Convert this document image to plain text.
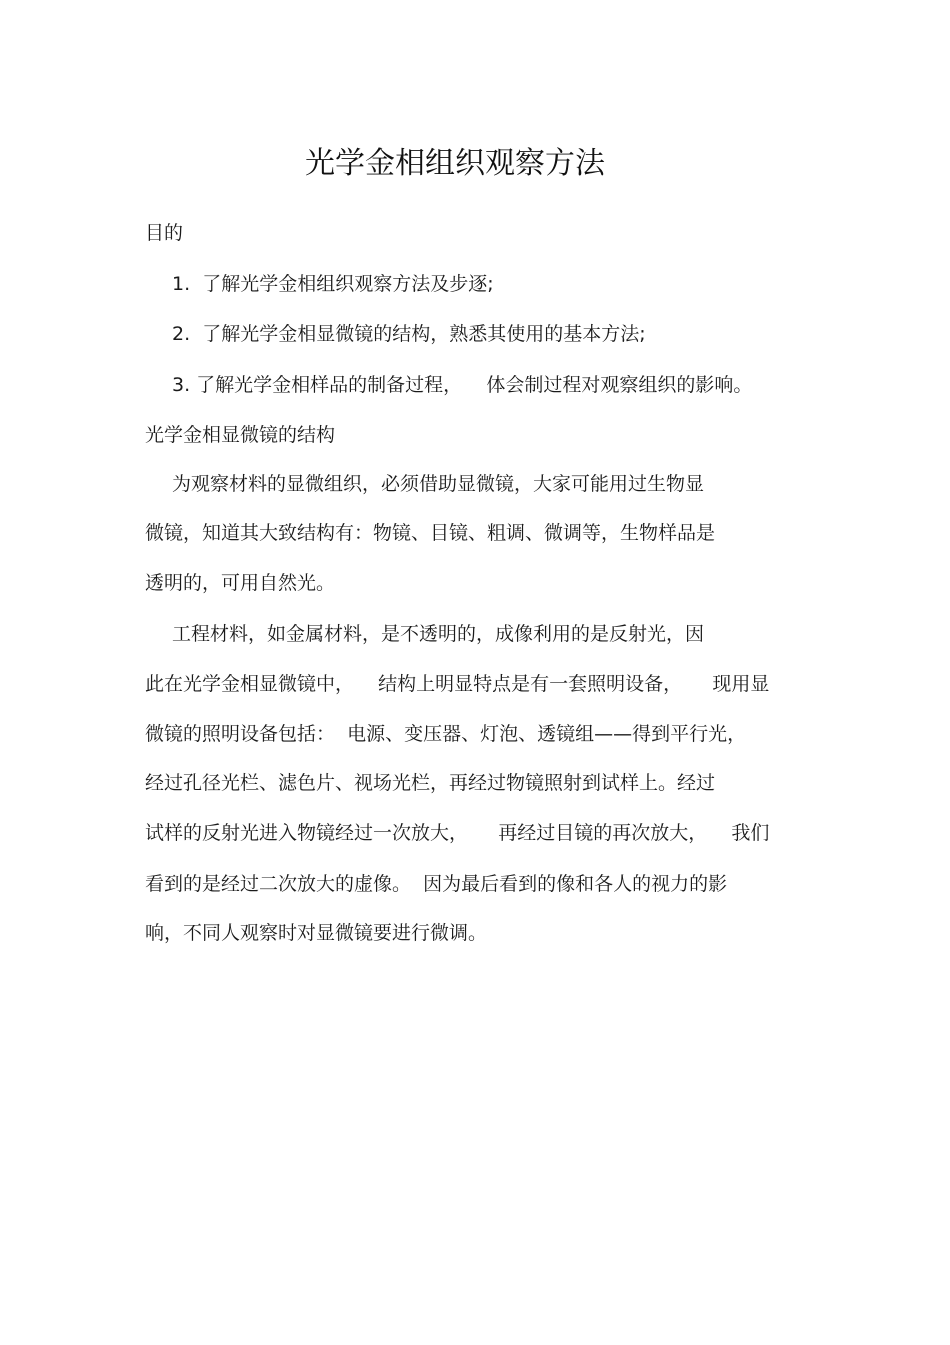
光学金相组织观察方法
目的
1.  了解光学金相组织观察方法及步逐;
2.  了解光学金相显微镜的结构，熟悉其使用的基本方法;
3. 了解光学金相样品的制备过程，    体会制过程对观察组织的影响。
光学金相显微镜的结构
为观察材料的显微组织，必须借助显微镜，大家可能用过生物显
微镜，知道其大致结构有：物镜、目镜、粗调、微调等，生物样品是
透明的，可用自然光。
工程材料，如金属材料，是不透明的，成像利用的是反射光，因
此在光学金相显微镜中，    结构上明显特点是有一套照明设备，     现用显
微镜的照明设备包括：  电源、变压器、灯泡、透镜组——得到平行光，
经过孔径光栏、滤色片、视场光栏，再经过物镜照射到试样上。经过
试样的反射光进入物镜经过一次放大，     再经过目镜的再次放大，    我们
看到的是经过二次放大的虚像。  因为最后看到的像和各人的视力的影
响，不同人观察时对显微镜要进行微调。
